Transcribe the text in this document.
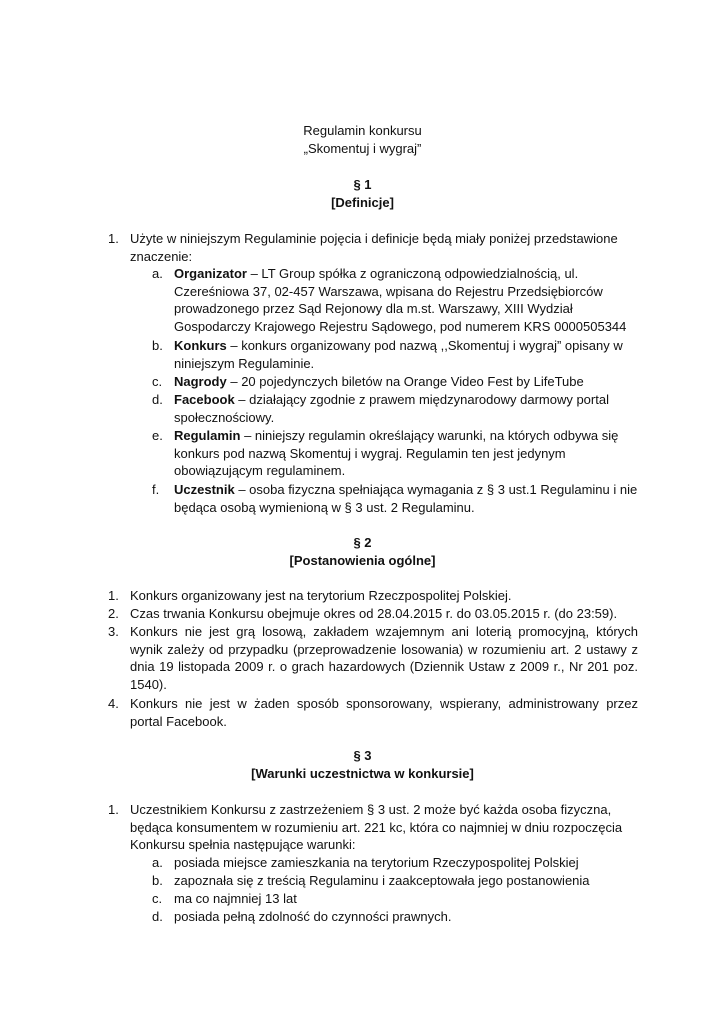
Regulamin konkursu
„Skomentuj i wygraj”
§ 1
[Definicje]
1. Użyte w niniejszym Regulaminie pojęcia i definicje będą miały poniżej przedstawione znaczenie:
a. Organizator – LT Group spółka z ograniczoną odpowiedzialnością, ul. Czereśniowa 37, 02-457 Warszawa, wpisana do Rejestru Przedsiębiorców prowadzonego przez Sąd Rejonowy dla m.st. Warszawy, XIII Wydział Gospodarczy Krajowego Rejestru Sądowego, pod numerem KRS 0000505344
b. Konkurs – konkurs organizowany pod nazwą ,,Skomentuj i wygraj” opisany w niniejszym Regulaminie.
c. Nagrody – 20 pojedynczych biletów na Orange Video Fest by LifeTube
d. Facebook – działający zgodnie z prawem międzynarodowy darmowy portal społecznościowy.
e. Regulamin – niniejszy regulamin określający warunki, na których odbywa się konkurs pod nazwą Skomentuj i wygraj. Regulamin ten jest jedynym obowiązującym regulaminem.
f. Uczestnik – osoba fizyczna spełniająca wymagania z § 3 ust.1 Regulaminu i nie będąca osobą wymienioną w § 3 ust. 2 Regulaminu.
§ 2
[Postanowienia ogólne]
1. Konkurs organizowany jest na terytorium Rzeczpospolitej Polskiej.
2. Czas trwania Konkursu obejmuje okres od 28.04.2015 r. do 03.05.2015 r. (do 23:59).
3. Konkurs nie jest grą losową, zakładem wzajemnym ani loterią promocyjną, których wynik zależy od przypadku (przeprowadzenie losowania) w rozumieniu art. 2 ustawy z dnia 19 listopada 2009 r. o grach hazardowych (Dziennik Ustaw z 2009 r., Nr 201 poz. 1540).
4. Konkurs nie jest w żaden sposób sponsorowany, wspierany, administrowany przez portal Facebook.
§ 3
[Warunki uczestnictwa w konkursie]
1. Uczestnikiem Konkursu z zastrzeżeniem § 3 ust. 2 może być każda osoba fizyczna, będąca konsumentem w rozumieniu art. 221 kc, która co najmniej w dniu rozpoczęcia Konkursu spełnia następujące warunki:
a. posiada miejsce zamieszkania na terytorium Rzeczypospolitej Polskiej
b. zapoznała się z treścią Regulaminu i zaakceptowała jego postanowienia
c. ma co najmniej 13 lat
d. posiada pełną zdolność do czynności prawnych.
